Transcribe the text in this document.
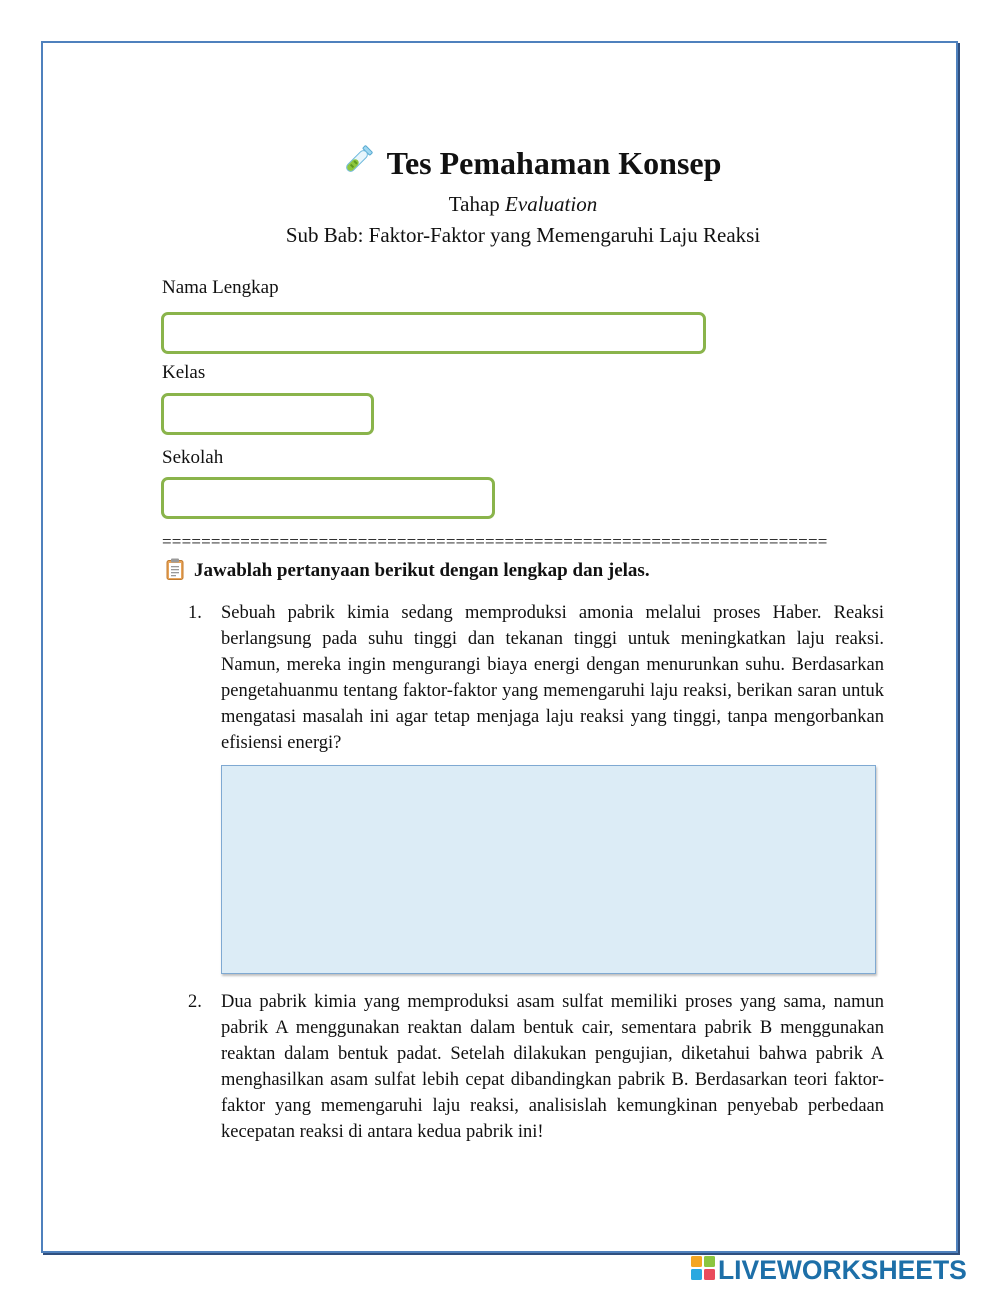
Tes Pemahaman Konsep
Tahap Evaluation
Sub Bab: Faktor-Faktor yang Memengaruhi Laju Reaksi
Nama Lengkap
Kelas
Sekolah
====================================================================
Jawablah pertanyaan berikut dengan lengkap dan jelas.
1.	Sebuah pabrik kimia sedang memproduksi amonia melalui proses Haber. Reaksi berlangsung pada suhu tinggi dan tekanan tinggi untuk meningkatkan laju reaksi. Namun, mereka ingin mengurangi biaya energi dengan menurunkan suhu. Berdasarkan pengetahuanmu tentang faktor-faktor yang memengaruhi laju reaksi, berikan saran untuk mengatasi masalah ini agar tetap menjaga laju reaksi yang tinggi, tanpa mengorbankan efisiensi energi?
2.	Dua pabrik kimia yang memproduksi asam sulfat memiliki proses yang sama, namun pabrik A menggunakan reaktan dalam bentuk cair, sementara pabrik B menggunakan reaktan dalam bentuk padat. Setelah dilakukan pengujian, diketahui bahwa pabrik A menghasilkan asam sulfat lebih cepat dibandingkan pabrik B. Berdasarkan teori faktor-faktor yang memengaruhi laju reaksi, analisislah kemungkinan penyebab perbedaan kecepatan reaksi di antara kedua pabrik ini!
LIVEWORKSHEETS
